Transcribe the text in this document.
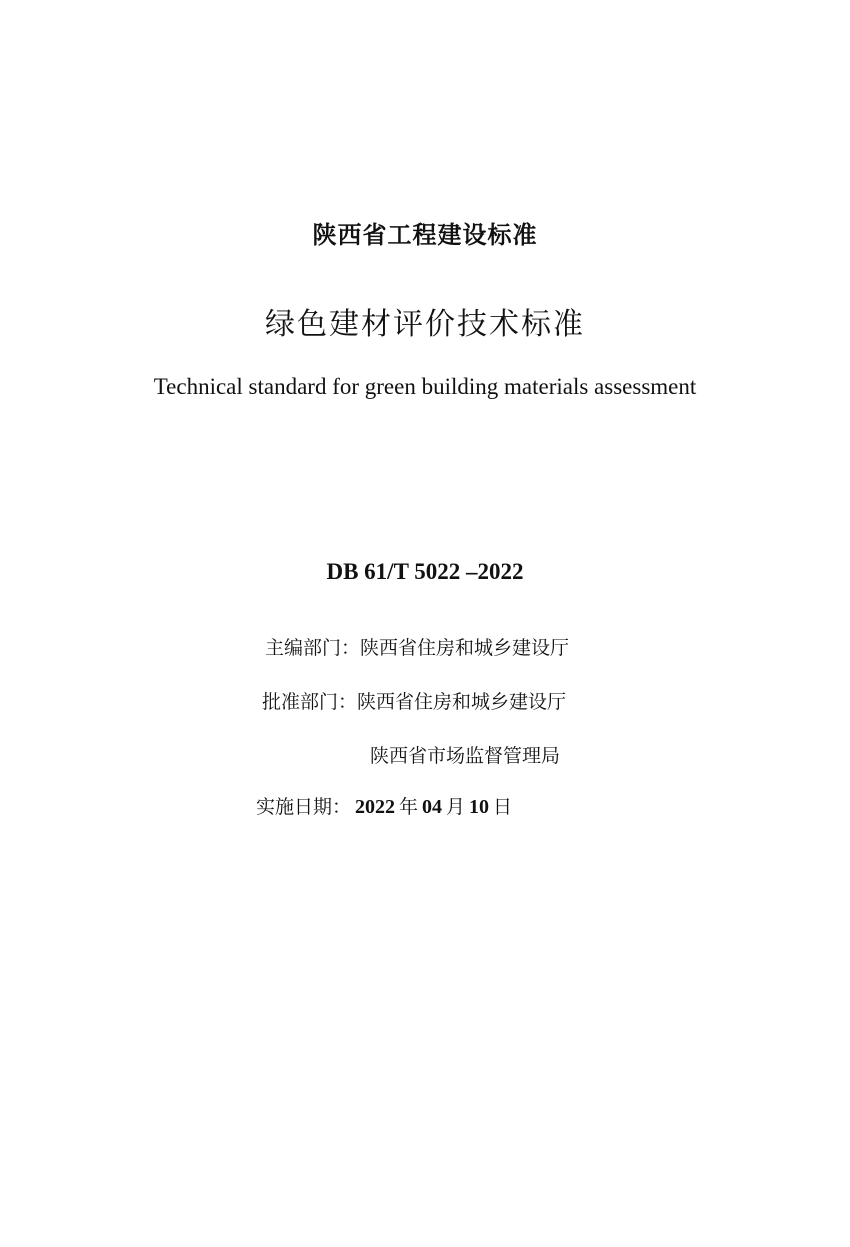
陕西省工程建设标准
绿色建材评价技术标准
Technical standard for green building materials assessment
DB 61/T 5022 –2022
主编部门：陕西省住房和城乡建设厅
批准部门：陕西省住房和城乡建设厅
陕西省市场监督管理局
实施日期： 2022 年 04 月 10 日
